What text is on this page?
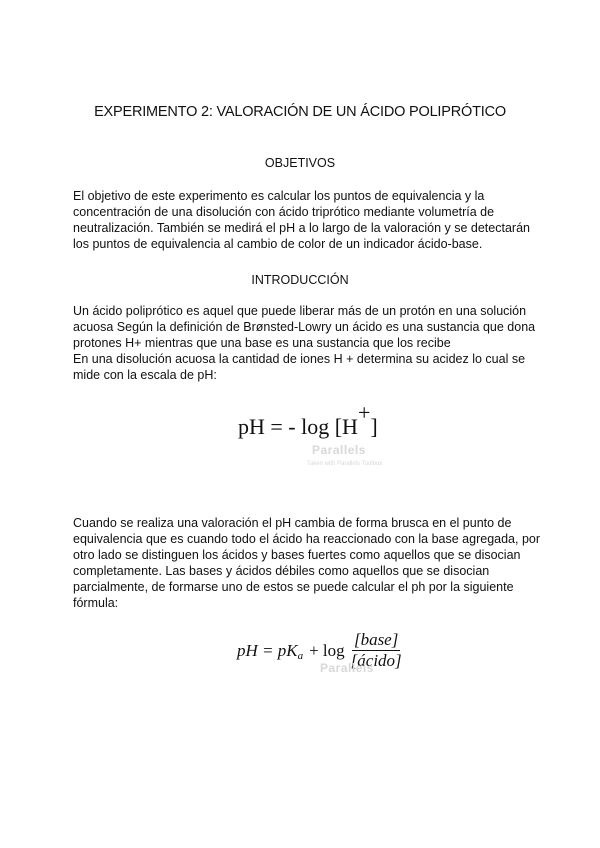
EXPERIMENTO 2: VALORACIÓN DE UN ÁCIDO POLIPRÓTICO
OBJETIVOS

El objetivo de este experimento es calcular los puntos de equivalencia y la
concentración de una disolución con ácido triprótico mediante volumetría de
neutralización. También se medirá el pH a lo largo de la valoración y se detectarán
los puntos de equivalencia al cambio de color de un indicador ácido-base.

INTRODUCCIÓN

Un ácido poliprótico es aquel que puede liberar más de un protón en una solución
acuosa Según la definición de Brønsted-Lowry un ácido es una sustancia que dona
protones H+ mientras que una base es una sustancia que los recibe
En una disolución acuosa la cantidad de iones H + determina su acidez lo cual se
mide con la escala de pH:

pH = - log [H+]
Parallels
Taken with Parallels Toolbox

Cuando se realiza una valoración el pH cambia de forma brusca en el punto de
equivalencia que es cuando todo el ácido ha reaccionado con la base agregada, por
otro lado se distinguen los ácidos y bases fuertes como aquellos que se disocian
completamente. Las bases y ácidos débiles como aquellos que se disocian
parcialmente, de formarse uno de estos se puede calcular el ph por la siguiente
fórmula:

pH = pK $a + \log \frac{\text{[base]}}{\text{[ácido]}}$
Parallels
